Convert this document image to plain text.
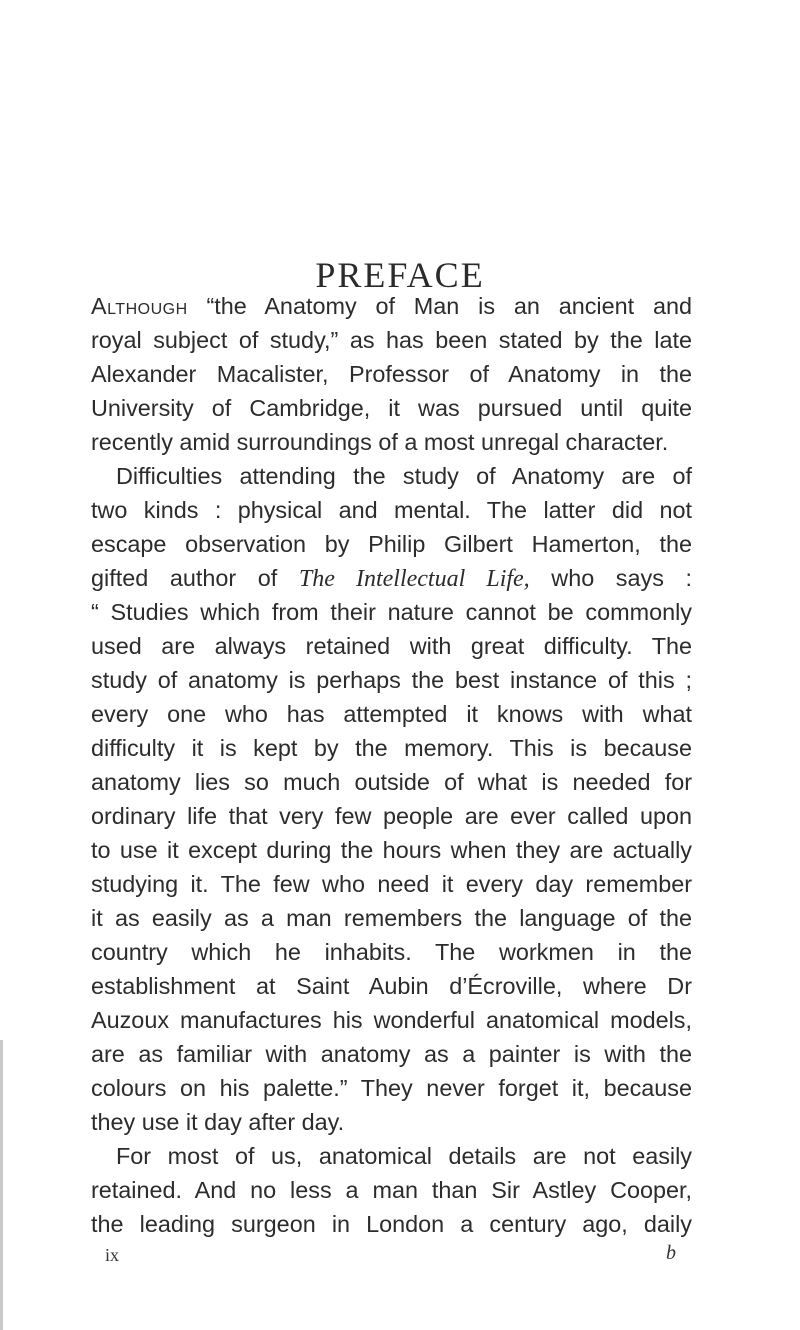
PREFACE
Although “the Anatomy of Man is an ancient and
royal subject of study,” as has been stated by the late
Alexander Macalister, Professor of Anatomy in the
University of Cambridge, it was pursued until quite
recently amid surroundings of a most unregal character.
Difficulties attending the study of Anatomy are of
two kinds : physical and mental. The latter did not
escape observation by Philip Gilbert Hamerton, the
gifted author of The Intellectual Life, who says :
“ Studies which from their nature cannot be commonly
used are always retained with great difficulty. The
study of anatomy is perhaps the best instance of this ;
every one who has attempted it knows with what
difficulty it is kept by the memory. This is because
anatomy lies so much outside of what is needed for
ordinary life that very few people are ever called upon
to use it except during the hours when they are actually
studying it. The few who need it every day remember
it as easily as a man remembers the language of the
country which he inhabits. The workmen in the
establishment at Saint Aubin d’Écroville, where Dr
Auzoux manufactures his wonderful anatomical models,
are as familiar with anatomy as a painter is with the
colours on his palette.” They never forget it, because
they use it day after day.
For most of us, anatomical details are not easily
retained. And no less a man than Sir Astley Cooper,
the leading surgeon in London a century ago, daily
ix	b
